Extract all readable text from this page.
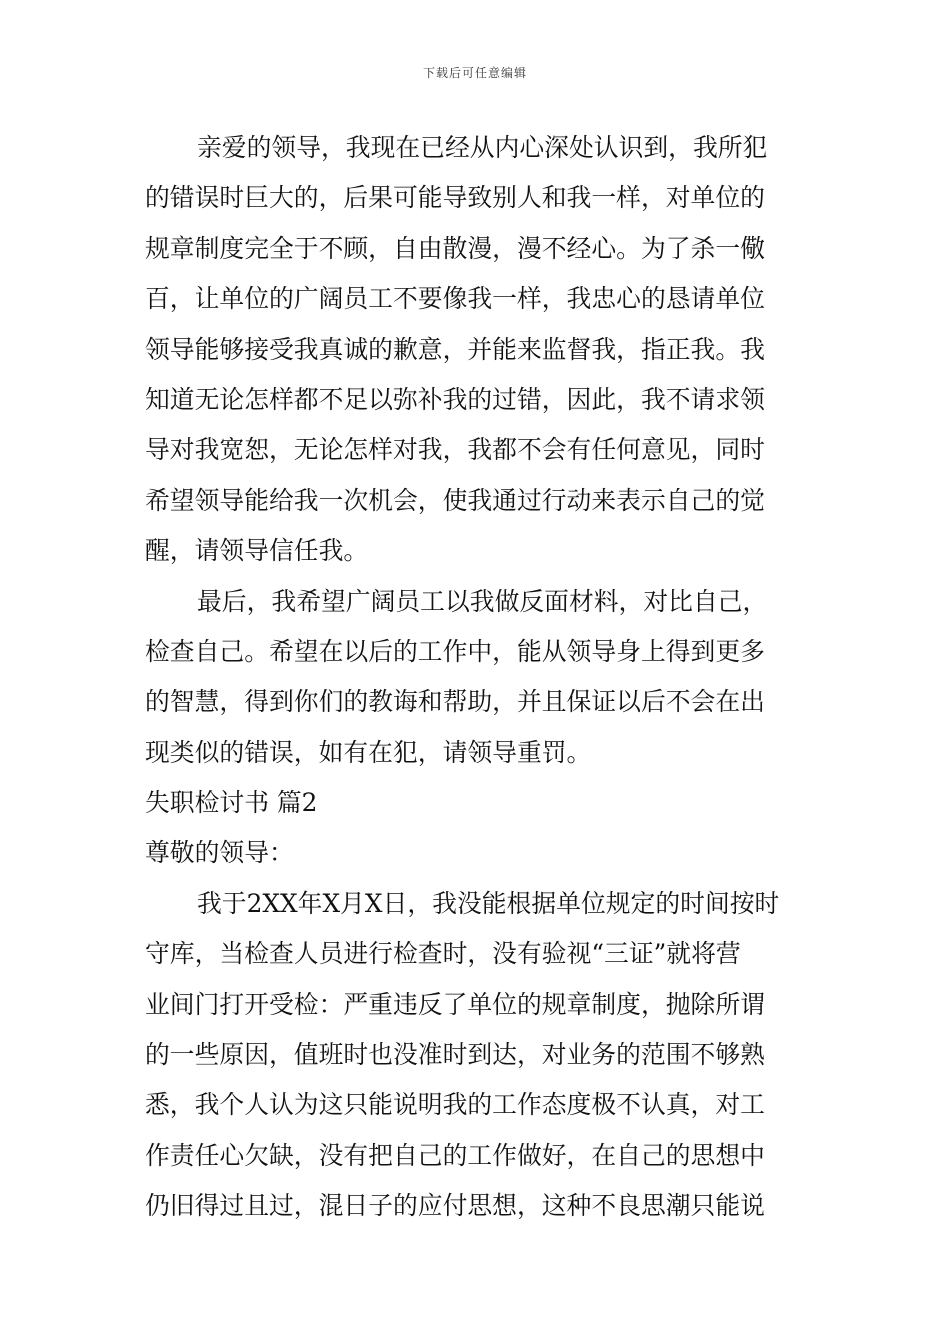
下载后可任意编辑
亲爱的领导，我现在已经从内心深处认识到，我所犯
的错误时巨大的，后果可能导致别人和我一样，对单位的
规章制度完全于不顾，自由散漫，漫不经心。为了杀一儆
百，让单位的广阔员工不要像我一样，我忠心的恳请单位
领导能够接受我真诚的歉意，并能来监督我，指正我。我
知道无论怎样都不足以弥补我的过错，因此，我不请求领
导对我宽恕，无论怎样对我，我都不会有任何意见，同时
希望领导能给我一次机会，使我通过行动来表示自己的觉
醒，请领导信任我。
最后，我希望广阔员工以我做反面材料，对比自己，
检查自己。希望在以后的工作中，能从领导身上得到更多
的智慧，得到你们的教诲和帮助，并且保证以后不会在出
现类似的错误，如有在犯，请领导重罚。
失职检讨书 篇2
尊敬的领导：
我于2XX年X月X日，我没能根据单位规定的时间按时
守库，当检查人员进行检查时，没有验视“三证”就将营
业间门打开受检：严重违反了单位的规章制度，抛除所谓
的一些原因，值班时也没准时到达，对业务的范围不够熟
悉，我个人认为这只能说明我的工作态度极不认真，对工
作责任心欠缺，没有把自己的工作做好，在自己的思想中
仍旧得过且过，混日子的应付思想，这种不良思潮只能说
